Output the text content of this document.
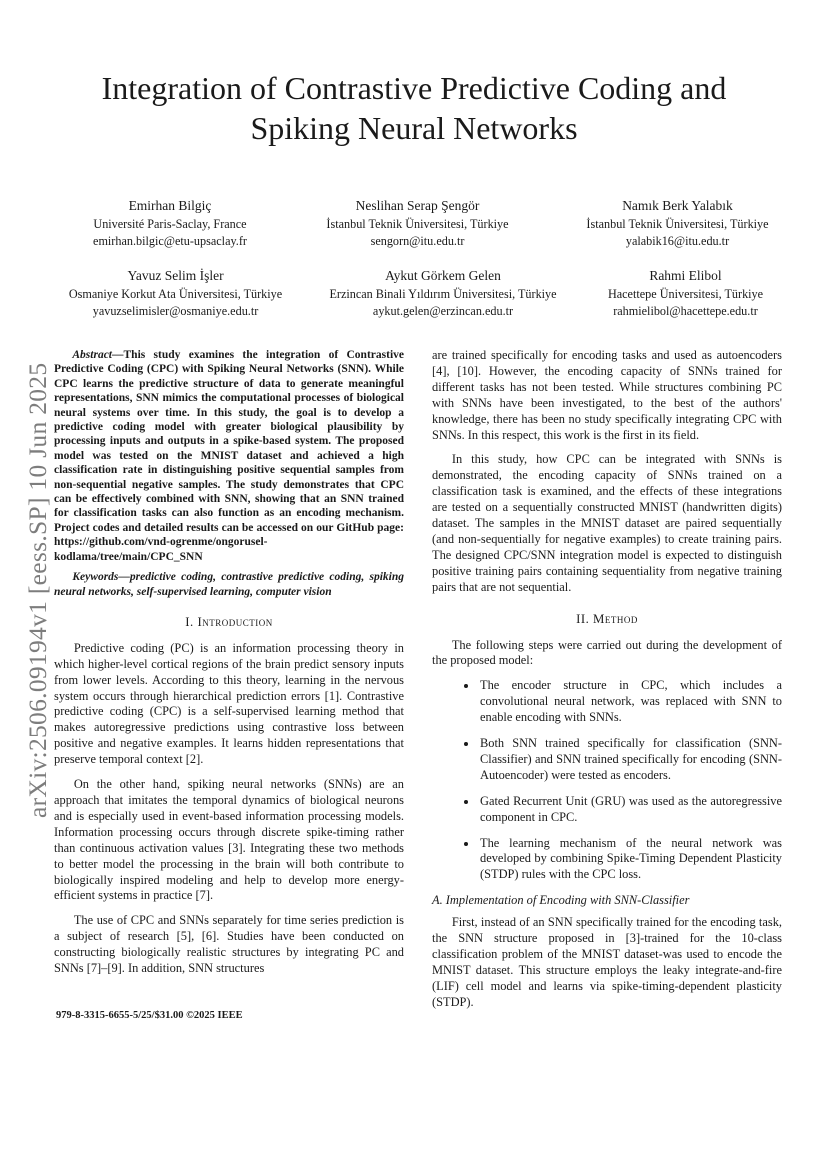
arXiv:2506.09194v1 [eess.SP] 10 Jun 2025
Integration of Contrastive Predictive Coding and Spiking Neural Networks
Emirhan Bilgiç
Université Paris-Saclay, France
emirhan.bilgic@etu-upsaclay.fr
Neslihan Serap Şengör
İstanbul Teknik Üniversitesi, Türkiye
sengorn@itu.edu.tr
Namık Berk Yalabık
İstanbul Teknik Üniversitesi, Türkiye
yalabik16@itu.edu.tr
Yavuz Selim İşler
Osmaniye Korkut Ata Üniversitesi, Türkiye
yavuzselimisler@osmaniye.edu.tr
Aykut Görkem Gelen
Erzincan Binali Yıldırım Üniversitesi, Türkiye
aykut.gelen@erzincan.edu.tr
Rahmi Elibol
Hacettepe Üniversitesi, Türkiye
rahmielibol@hacettepe.edu.tr

Abstract—This study examines the integration of Contrastive Predictive Coding (CPC) with Spiking Neural Networks (SNN). While CPC learns the predictive structure of data to generate meaningful representations, SNN mimics the computational processes of biological neural systems over time. In this study, the goal is to develop a predictive coding model with greater biological plausibility by processing inputs and outputs in a spike-based system. The proposed model was tested on the MNIST dataset and achieved a high classification rate in distinguishing positive sequential samples from non-sequential negative samples. The study demonstrates that CPC can be effectively combined with SNN, showing that an SNN trained for classification tasks can also function as an encoding mechanism. Project codes and detailed results can be accessed on our GitHub page: https://github.com/vnd-ogrenme/ongorusel-kodlama/tree/main/CPC_SNN

Keywords—predictive coding, contrastive predictive coding, spiking neural networks, self-supervised learning, computer vision

I. Introduction

Predictive coding (PC) is an information processing theory in which higher-level cortical regions of the brain predict sensory inputs from lower levels. According to this theory, learning in the nervous system occurs through hierarchical prediction errors [1]. Contrastive predictive coding (CPC) is a self-supervised learning method that makes autoregressive predictions using contrastive loss between positive and negative examples. It learns hidden representations that preserve temporal context [2].

On the other hand, spiking neural networks (SNNs) are an approach that imitates the temporal dynamics of biological neurons and is especially used in event-based information processing models. Information processing occurs through discrete spike-timing rather than continuous activation values [3]. Integrating these two methods to better model the processing in the brain will both contribute to biologically inspired modeling and help to develop more energy-efficient systems in practice [7].

The use of CPC and SNNs separately for time series prediction is a subject of research [5], [6]. Studies have been conducted on constructing biologically realistic structures by integrating PC and SNNs [7]–[9]. In addition, SNN structures

979-8-3315-6655-5/25/$31.00 ©2025 IEEE

are trained specifically for encoding tasks and used as autoencoders [4], [10]. However, the encoding capacity of SNNs trained for different tasks has not been tested. While structures combining PC with SNNs have been investigated, to the best of the authors' knowledge, there has been no study specifically integrating CPC with SNNs. In this respect, this work is the first in its field.

In this study, how CPC can be integrated with SNNs is demonstrated, the encoding capacity of SNNs trained on a classification task is examined, and the effects of these integrations are tested on a sequentially constructed MNIST (handwritten digits) dataset. The samples in the MNIST dataset are paired sequentially (and non-sequentially for negative examples) to create training pairs. The designed CPC/SNN integration model is expected to distinguish positive training pairs containing sequentiality from negative training pairs that are not sequential.

II. Method

The following steps were carried out during the development of the proposed model:

• The encoder structure in CPC, which includes a convolutional neural network, was replaced with SNN to enable encoding with SNNs.
• Both SNN trained specifically for classification (SNN-Classifier) and SNN trained specifically for encoding (SNN-Autoencoder) were tested as encoders.
• Gated Recurrent Unit (GRU) was used as the autoregressive component in CPC.
• The learning mechanism of the neural network was developed by combining Spike-Timing Dependent Plasticity (STDP) rules with the CPC loss.
A. Implementation of Encoding with SNN-Classifier

First, instead of an SNN specifically trained for the encoding task, the SNN structure proposed in [3]-trained for the 10-class classification problem of the MNIST dataset-was used to encode the MNIST dataset. This structure employs the leaky integrate-and-fire (LIF) cell model and learns via spike-timing-dependent plasticity (STDP).
